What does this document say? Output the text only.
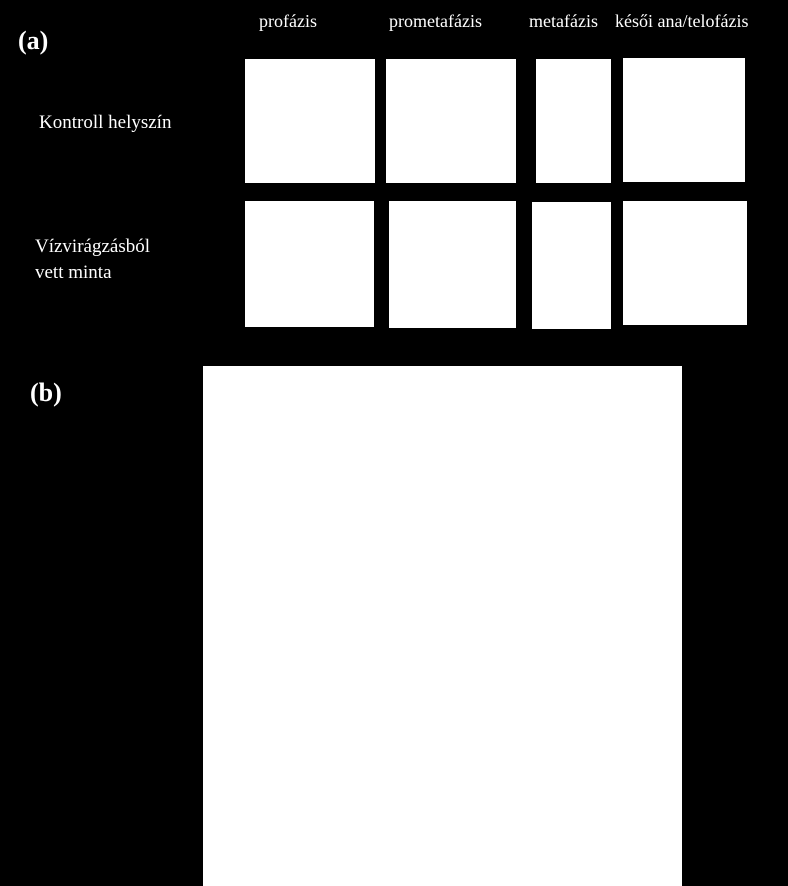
(a)
profázis	prometafázis	metafázis késői ana/telofázis
Kontroll helyszín
Vízvirágzásból
vett minta
(b)
